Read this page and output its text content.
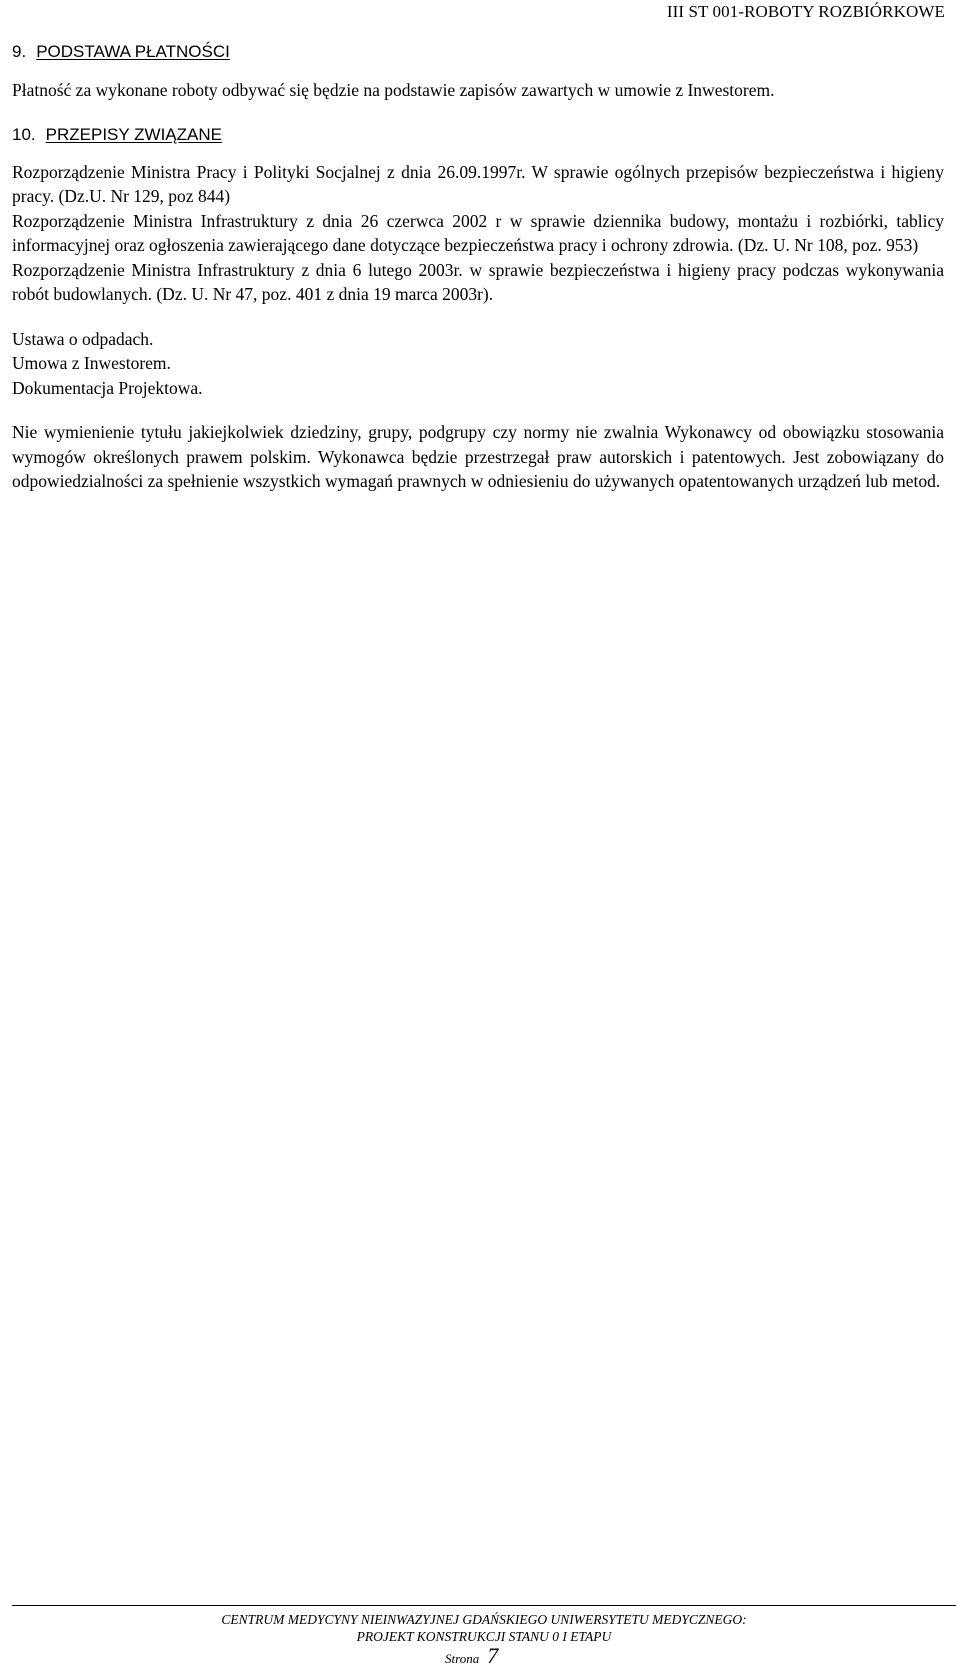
III ST 001-ROBOTY ROZBIÓRKOWE
9. PODSTAWA PŁATNOŚCI

Płatność za wykonane roboty odbywać się będzie na podstawie zapisów zawartych w umowie z Inwestorem.

10. PRZEPISY ZWIĄZANE

Rozporządzenie Ministra Pracy i Polityki Socjalnej z dnia 26.09.1997r. W sprawie ogólnych przepisów bezpieczeństwa i higieny pracy. (Dz.U. Nr 129, poz 844)

Rozporządzenie Ministra Infrastruktury z dnia 26 czerwca 2002 r w sprawie dziennika budowy, montażu i rozbiórki, tablicy informacyjnej oraz ogłoszenia zawierającego dane dotyczące bezpieczeństwa pracy i ochrony zdrowia. (Dz. U. Nr 108, poz. 953)

Rozporządzenie Ministra Infrastruktury z dnia 6 lutego 2003r. w sprawie bezpieczeństwa i higieny pracy podczas wykonywania robót budowlanych. (Dz. U. Nr 47, poz. 401 z dnia 19 marca 2003r).

Ustawa o odpadach.

Umowa z Inwestorem.

Dokumentacja Projektowa.

Nie wymienienie tytułu jakiejkolwiek dziedziny, grupy, podgrupy czy normy nie zwalnia Wykonawcy od obowiązku stosowania wymogów określonych prawem polskim. Wykonawca będzie przestrzegał praw autorskich i patentowych. Jest zobowiązany do odpowiedzialności za spełnienie wszystkich wymagań prawnych w odniesieniu do używanych opatentowanych urządzeń lub metod.

CENTRUM MEDYCYNY NIEINWAZYJNEJ GDAŃSKIEGO UNIWERSYTETU MEDYCZNEGO:
PROJEKT KONSTRUKCJI STANU 0 I ETAPU
Strona 7
